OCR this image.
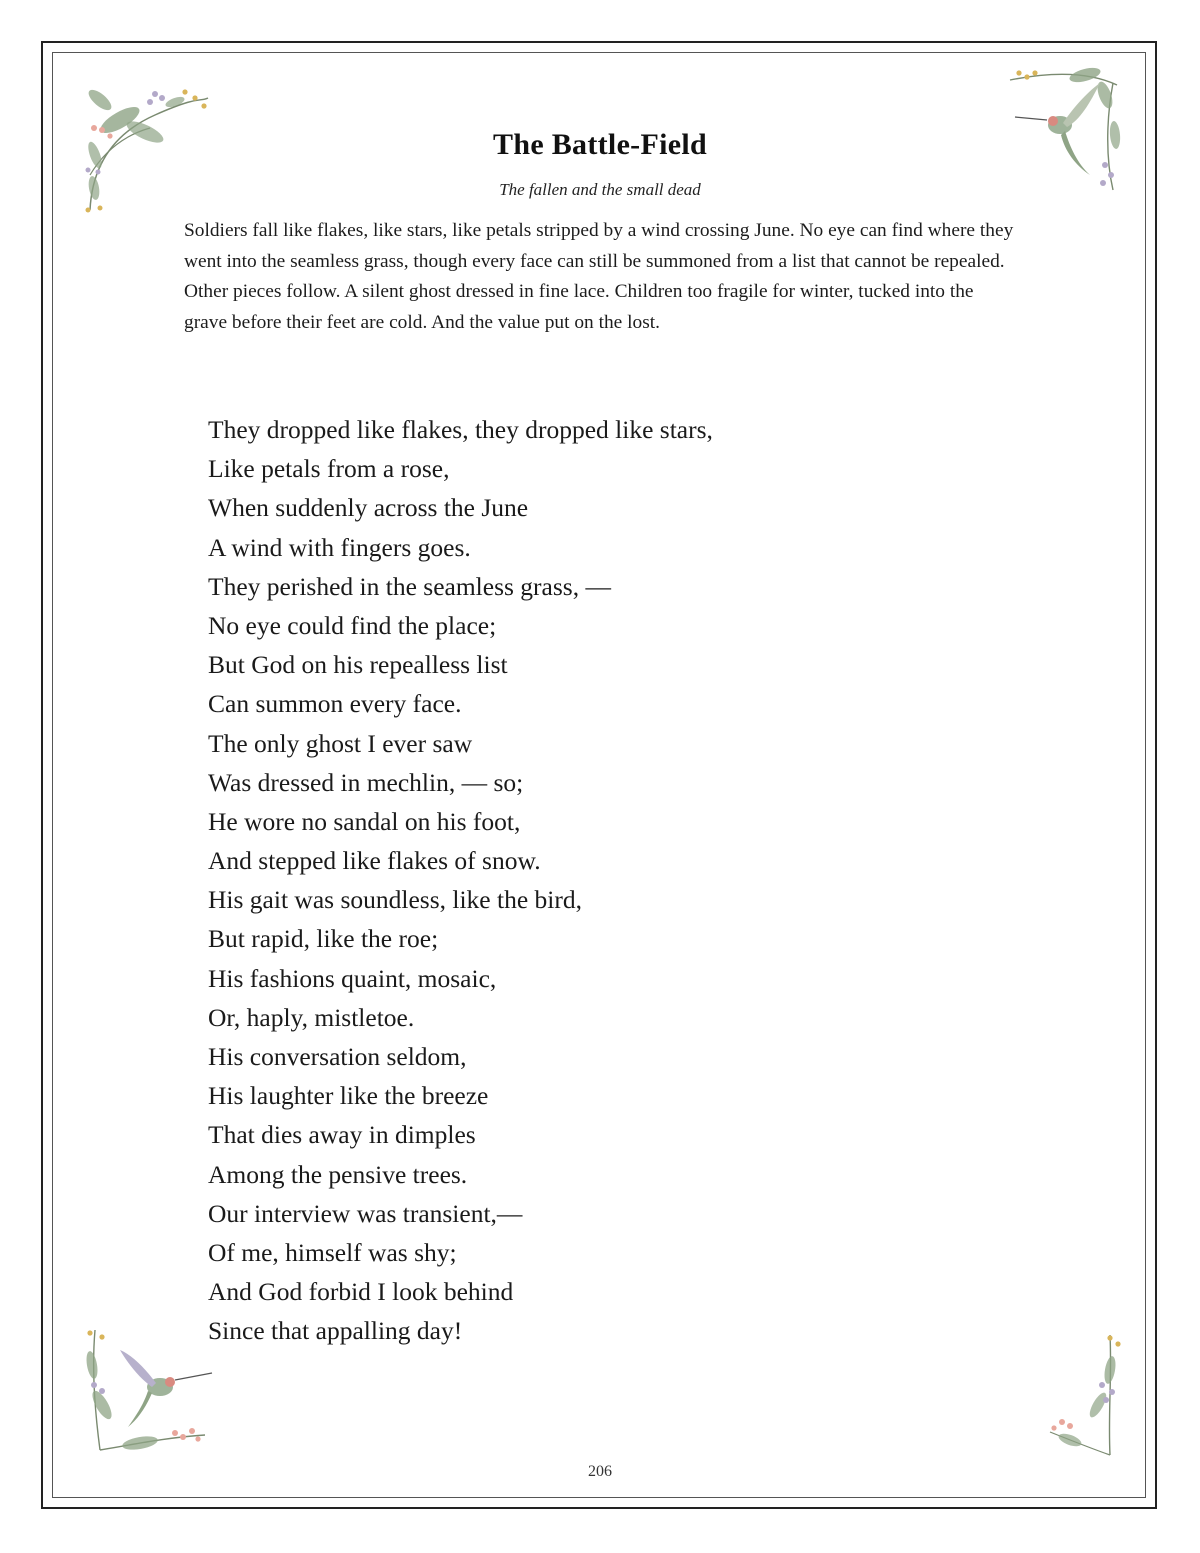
The Battle-Field
The fallen and the small dead
Soldiers fall like flakes, like stars, like petals stripped by a wind crossing June. No eye can find where they went into the seamless grass, though every face can still be summoned from a list that cannot be repealed. Other pieces follow. A silent ghost dressed in fine lace. Children too fragile for winter, tucked into the grave before their feet are cold. And the value put on the lost.
They dropped like flakes, they dropped like stars,
Like petals from a rose,
When suddenly across the June
A wind with fingers goes.
They perished in the seamless grass, —
No eye could find the place;
But God on his repealless list
Can summon every face.
The only ghost I ever saw
Was dressed in mechlin, — so;
He wore no sandal on his foot,
And stepped like flakes of snow.
His gait was soundless, like the bird,
But rapid, like the roe;
His fashions quaint, mosaic,
Or, haply, mistletoe.
His conversation seldom,
His laughter like the breeze
That dies away in dimples
Among the pensive trees.
Our interview was transient,—
Of me, himself was shy;
And God forbid I look behind
Since that appalling day!
206
